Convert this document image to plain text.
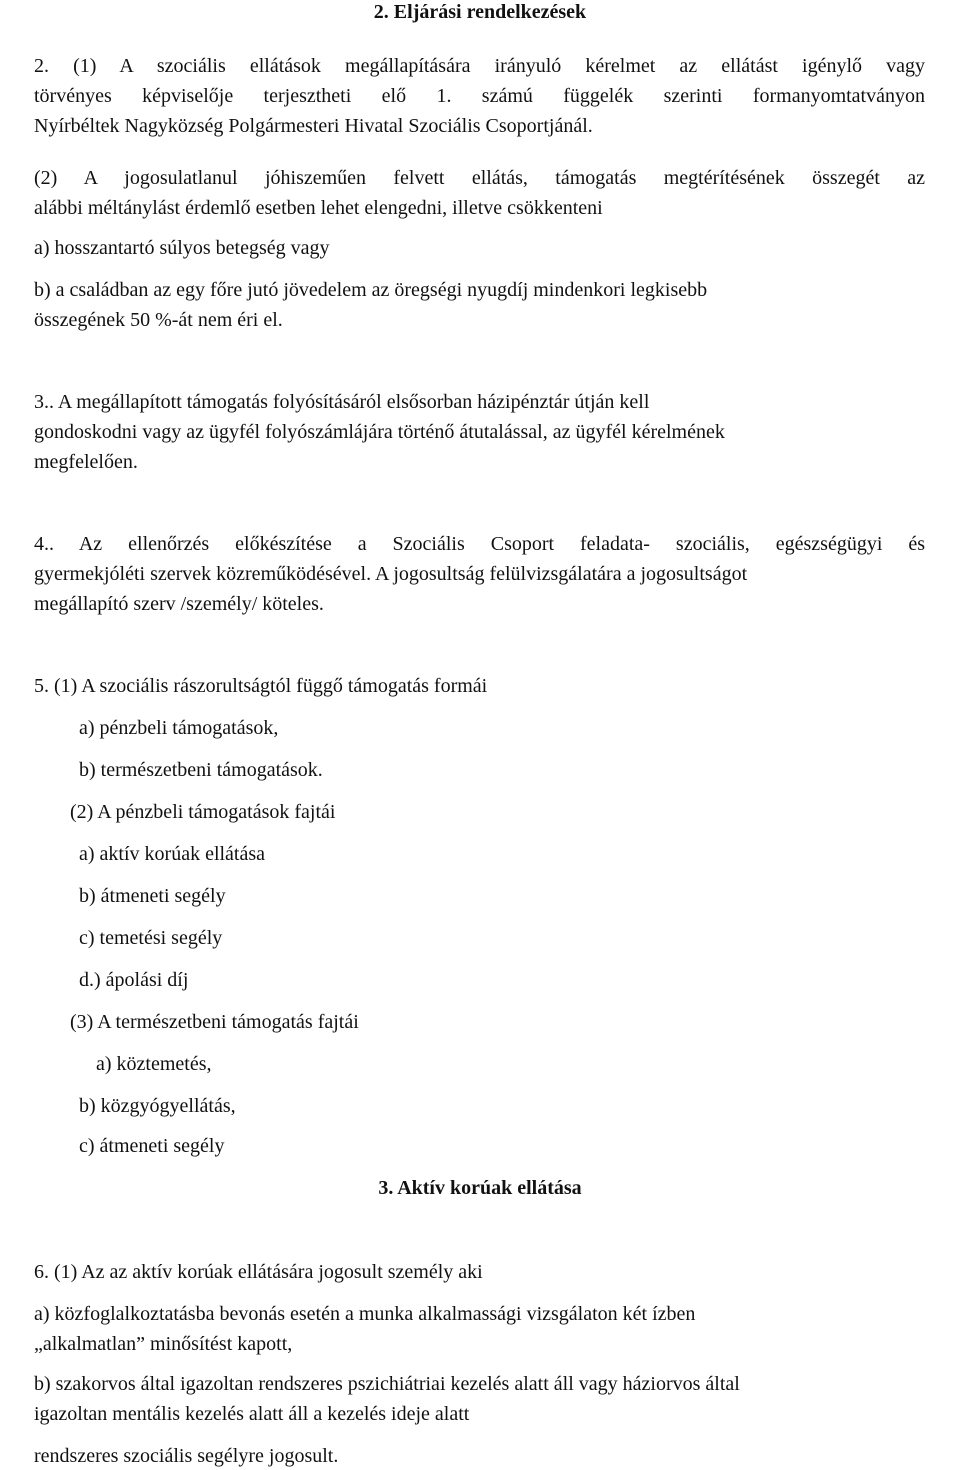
2. Eljárási rendelkezések
2. (1) A szociális ellátások megállapítására irányuló kérelmet az ellátást igénylő vagy
törvényes képviselője terjesztheti elő 1. számú függelék szerinti formanyomtatványon
Nyírbéltek Nagyközség Polgármesteri Hivatal Szociális Csoportjánál.
(2) A jogosulatlanul jóhiszeműen felvett ellátás, támogatás megtérítésének összegét az
alábbi méltánylást érdemlő esetben lehet elengedni, illetve csökkenteni
a) hosszantartó súlyos betegség vagy
b) a családban az egy főre jutó jövedelem az öregségi nyugdíj mindenkori legkisebb
összegének 50 %-át nem éri el.
3.. A megállapított támogatás folyósításáról elsősorban házipénztár útján kell
gondoskodni vagy az ügyfél folyószámlájára történő átutalással, az ügyfél kérelmének
megfelelően.
4.. Az ellenőrzés előkészítése a Szociális Csoport feladata- szociális, egészségügyi és
gyermekjóléti szervek közreműködésével. A jogosultság felülvizsgálatára a jogosultságot
megállapító szerv /személy/ köteles.
5. (1) A szociális rászorultságtól függő támogatás formái
a) pénzbeli támogatások,
b) természetbeni támogatások.
(2) A pénzbeli támogatások fajtái
a) aktív korúak ellátása
b) átmeneti segély
c) temetési segély
d.) ápolási díj
(3) A természetbeni támogatás fajtái
a) köztemetés,
b) közgyógyellátás,
c) átmeneti segély
3. Aktív korúak ellátása
6. (1) Az az aktív korúak ellátására jogosult személy aki
a) közfoglalkoztatásba bevonás esetén a munka alkalmassági vizsgálaton két ízben
„alkalmatlan” minősítést kapott,
b) szakorvos által igazoltan rendszeres pszichiátriai kezelés alatt áll vagy háziorvos által
igazoltan mentális kezelés alatt áll a kezelés ideje alatt
rendszeres szociális segélyre jogosult.
